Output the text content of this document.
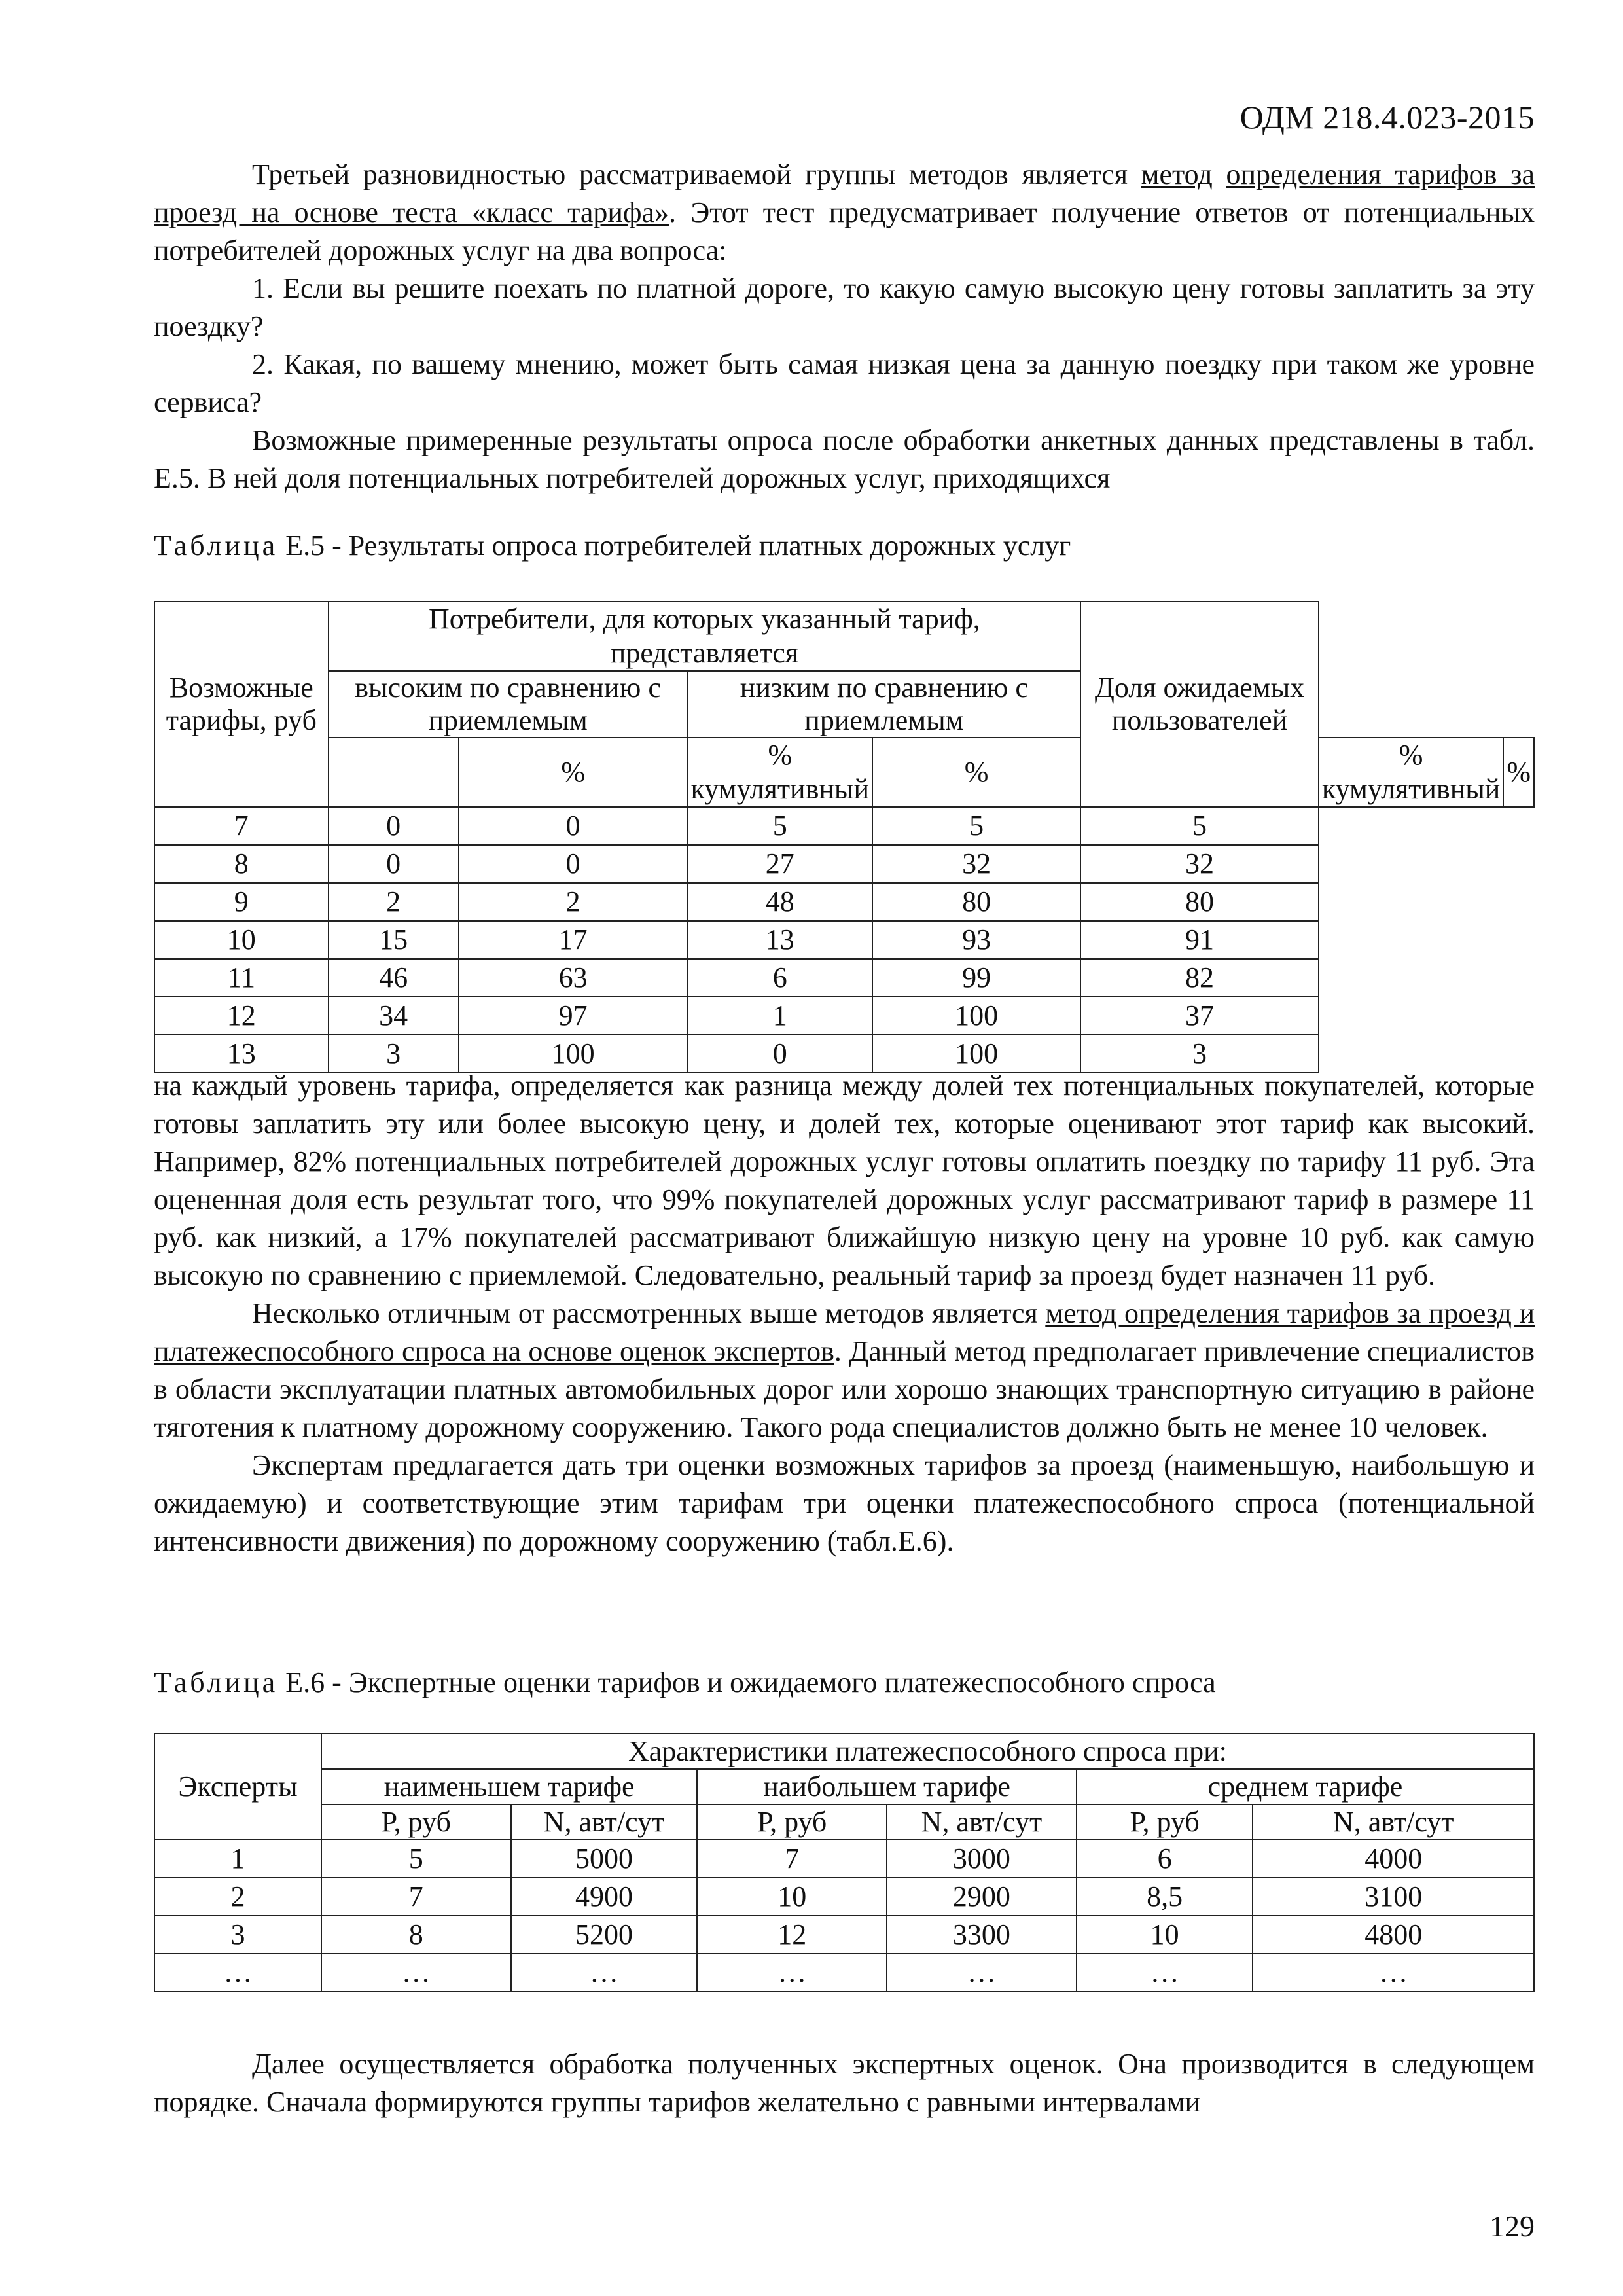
ОДМ 218.4.023-2015

Третьей разновидностью рассматриваемой группы методов является метод определения тарифов за проезд на основе теста «класс тарифа». Этот тест предусматривает получение ответов от потенциальных потребителей дорожных услуг на два вопроса:

1. Если вы решите поехать по платной дороге, то какую самую высокую цену готовы заплатить за эту поездку?

2. Какая, по вашему мнению, может быть самая низкая цена за данную поездку при таком же уровне сервиса?

Возможные примеренные результаты опроса после обработки анкетных данных представлены в табл. Е.5. В ней доля потенциальных потребителей дорожных услуг, приходящихся

Таблица Е.5 - Результаты опроса потребителей платных дорожных услуг
Возможные тарифы, руб	Потребители, для которых указанный тариф, представляется				Доля ожидаемых пользователей		
	высоким по сравнению с приемлемым		низким по сравнению с приемлемым				
		%	% кумулятивный	%		% кумулятивный	%
7	0	0	5	5	5		
8	0	0	27	32	32		
9	2	2	48	80	80		
10	15	17	13	93	91		
11	46	63	6	99	82		
12	34	97	1	100	37		
13	3	100	0	100	3		

на каждый уровень тарифа, определяется как разница между долей тех потенциальных покупателей, которые готовы заплатить эту или более высокую цену, и долей тех, которые оценивают этот тариф как высокий. Например, 82% потенциальных потребителей дорожных услуг готовы оплатить поездку по тарифу 11 руб. Эта оцененная доля есть результат того, что 99% покупателей дорожных услуг рассматривают тариф в размере 11 руб. как низкий, а 17% покупателей рассматривают ближайшую низкую цену на уровне 10 руб. как самую высокую по сравнению с приемлемой. Следовательно, реальный тариф за проезд будет назначен 11 руб.

Несколько отличным от рассмотренных выше методов является метод определения тарифов за проезд и платежеспособного спроса на основе оценок экспертов. Данный метод предполагает привлечение специалистов в области эксплуатации платных автомобильных дорог или хорошо знающих транспортную ситуацию в районе тяготения к платному дорожному сооружению. Такого рода специалистов должно быть не менее 10 человек.

Экспертам предлагается дать три оценки возможных тарифов за проезд (наименьшую, наибольшую и ожидаемую) и соответствующие этим тарифам три оценки платежеспособного спроса (потенциальной интенсивности движения) по дорожному сооружению (табл.Е.6).

Таблица Е.6 - Экспертные оценки тарифов и ожидаемого платежеспособного спроса
Эксперты	Характеристики платежеспособного спроса при:					
	наименьшем тарифе		наибольшем тарифе		среднем тарифе	
	Р, руб	N, авт/сут	Р, руб	N, авт/сут	Р, руб	N, авт/сут
1	5	5000	7	3000	6	4000
2	7	4900	10	2900	8,5	3100
3	8	5200	12	3300	10	4800
…	…	…	…	…	…	…

Далее осуществляется обработка полученных экспертных оценок. Она производится в следующем порядке. Сначала формируются группы тарифов желательно с равными интервалами

129
